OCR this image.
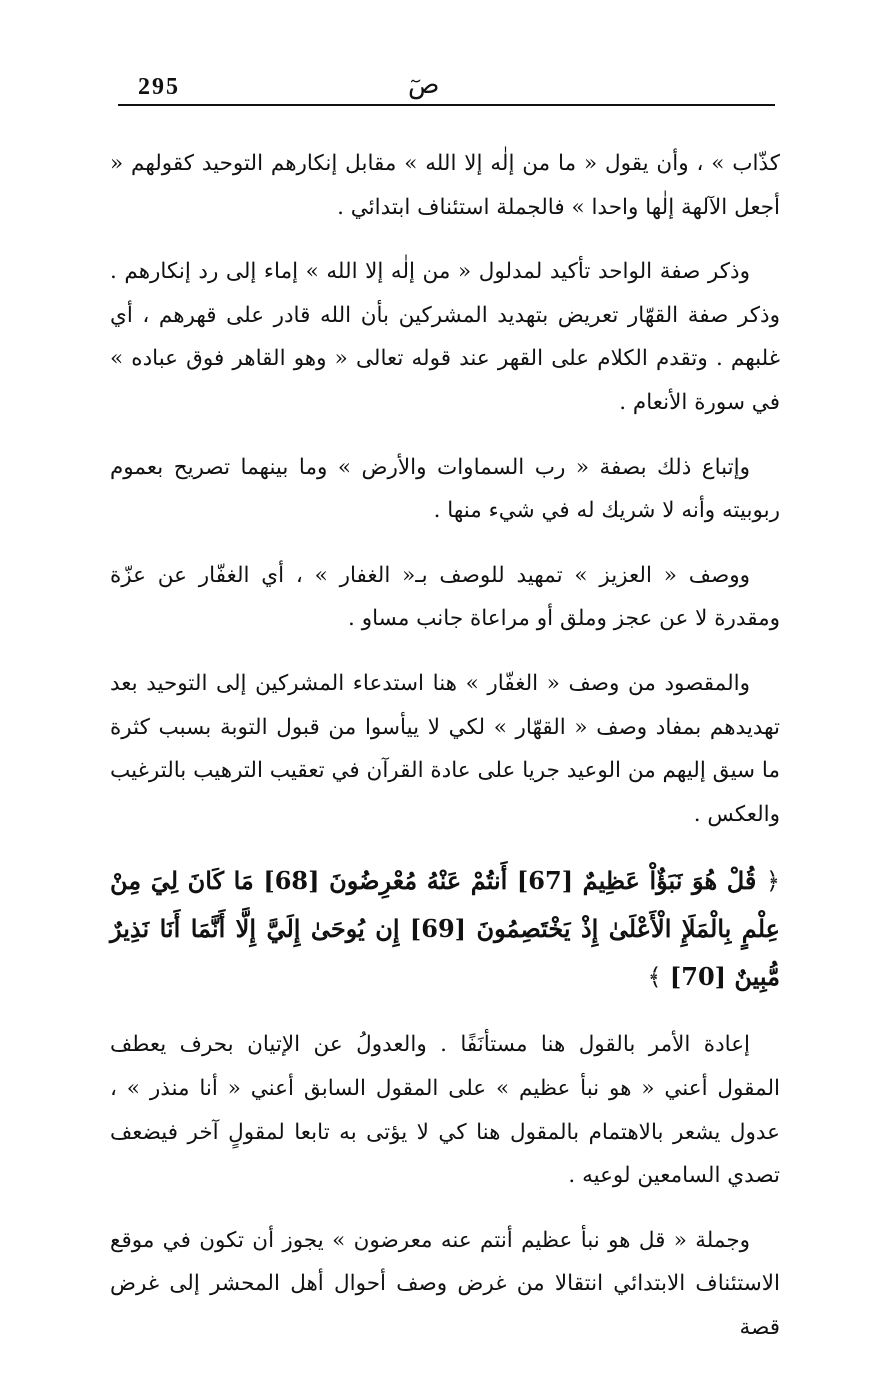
295	صٓ

كذّاب » ، وأن يقول « ما من إلٰه إلا الله » مقابل إنكارهم التوحيد كقولهم « أجعل الآلهة إلٰها واحدا » فالجملة استئناف ابتدائي .

وذكر صفة الواحد تأكيد لمدلول « من إلٰه إلا الله » إماء إلى رد إنكارهم . وذكر صفة القهّار تعريض بتهديد المشركين بأن الله قادر على قهرهم ، أي غلبهم . وتقدم الكلام على القهر عند قوله تعالى « وهو القاهر فوق عباده » في سورة الأنعام .

وإتباع ذلك بصفة « رب السماوات والأرض » وما بينهما تصريح بعموم ربوبيته وأنه لا شريك له في شيء منها .

ووصف « العزيز » تمهيد للوصف بـ« الغفار » ، أي الغفّار عن عزّة ومقدرة لا عن عجز وملق أو مراعاة جانب مساو .

والمقصود من وصف « الغفّار » هنا استدعاء المشركين إلى التوحيد بعد تهديدهم بمفاد وصف « القهّار » لكي لا ييأسوا من قبول التوبة بسبب كثرة ما سيق إليهم من الوعيد جريا على عادة القرآن في تعقيب الترهيب بالترغيب والعكس .

﴿ قُلْ هُوَ نَبَؤٌاْ عَظِيمٌ [67] أَنتُمْ عَنْهُ مُعْرِضُونَ [68] مَا كَانَ لِيَ مِنْ عِلْمٍ بِالْمَلَإِ الْأَعْلَىٰ إِذْ يَخْتَصِمُونَ [69] إِن يُوحَىٰ إِلَيَّ إِلَّا أَنَّمَا أَنَا نَذِيرٌ مُّبِينٌ [70] ﴾

إعادة الأمر بالقول هنا مستأنَفًا . والعدولُ عن الإتيان بحرف يعطف المقول أعني « هو نبأ عظيم » على المقول السابق أعني « أنا منذر » ، عدول يشعر بالاهتمام بالمقول هنا كي لا يؤتى به تابعا لمقولٍ آخر فيضعف تصدي السامعين لوعيه .

وجملة « قل هو نبأ عظيم أنتم عنه معرضون » يجوز أن تكون في موقع الاستئناف الابتدائي انتقالا من غرض وصف أحوال أهل المحشر إلى غرض قصة
